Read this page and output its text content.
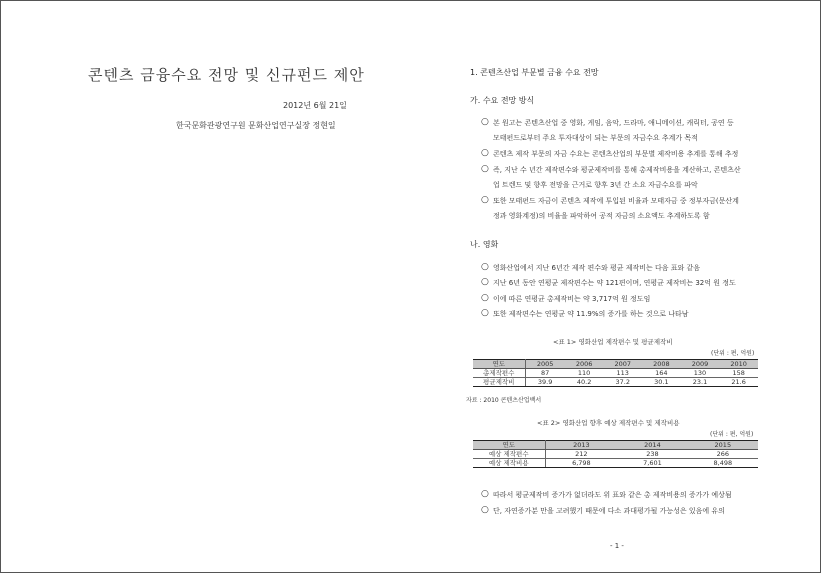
콘텐츠 금융수요 전망 및 신규펀드 제안
2012년 6월 21일
한국문화관광연구원 문화산업연구실장 정현일
1. 콘텐츠산업 부문별 금융 수요 전망
가. 수요 전망 방식
○ 본 원고는 콘텐츠산업 중 영화, 게임, 음악, 드라마, 애니메이션, 캐릭터, 공연 등
모태펀드로부터 주요 투자대상이 되는 부문의 자금수요 추계가 목적
○ 콘텐츠 제작 부문의 자금 수요는 콘텐츠산업의 부문별 제작비용 추계를 통해 추정
○ 즉, 지난 수 년간 제작편수와 평균제작비를 통해 총제작비용을 계산하고, 콘텐츠산
업 트렌드 및 향후 전망을 근거로 향후 3년 간 소요 자금수요를 파악
○ 또한 모태펀드 자금이 콘텐츠 제작에 투입된 비율과 모태자금 중 정부자금(문산계
정과 영화계정)의 비율을 파악하여 공적 자금의 소요액도 추계하도록 함
나. 영화
○ 영화산업에서 지난 6년간 제작 편수와 평균 제작비는 다음 표와 같음
○ 지난 6년 동안 연평균 제작편수는 약 121편이며, 연평균 제작비는 32억 원 정도
○ 이에 따른 연평균 총제작비는 약 3,717억 원 정도임
○ 또한 제작편수는 연평균 약 11.9%의 증가를 하는 것으로 나타남
<표 1> 영화산업 제작편수 및 평균제작비
(단위 : 편, 억원)
연도	2005	2006	2007	2008	2009	2010
총제작편수	87	110	113	164	130	158
평균제작비	39.9	40.2	37.2	30.1	23.1	21.6
자료 : 2010 콘텐츠산업백서
<표 2> 영화산업 향후 예상 제작편수 및 제작비용
(단위 : 편, 억원)
연도	2013	2014	2015
예상 제작편수	212	238	266
예상 제작비용	6,798	7,601	8,498
○ 따라서 평균제작비 증가가 없더라도 위 표와 같은 총 제작비용의 증가가 예상됨
○ 단, 자연증가분 만을 고려했기 때문에 다소 과대평가될 가능성은 있음에 유의
- 1 -
